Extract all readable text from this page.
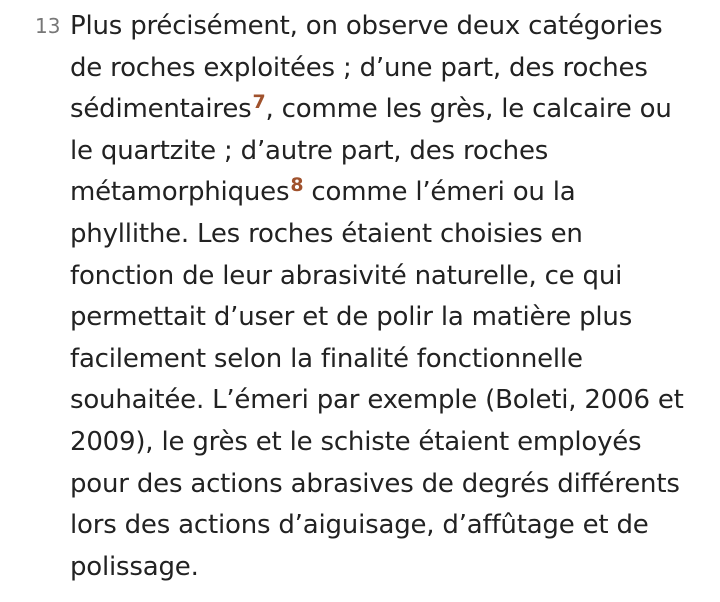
13 Plus précisément, on observe deux catégories
de roches exploitées ; d’une part, des roches
sédimentaires$^7$, comme les grès, le calcaire ou
le quartzite ; d’autre part, des roches
métamorphiques$^8$ comme l’émeri ou la
phyllithe. Les roches étaient choisies en
fonction de leur abrasivité naturelle, ce qui
permettait d’user et de polir la matière plus
facilement selon la finalité fonctionnelle
souhaitée. L’émeri par exemple (Boleti, 2006 et
2009), le grès et le schiste étaient employés
pour des actions abrasives de degrés différents
lors des actions d’aiguisage, d’affûtage et de
polissage.
